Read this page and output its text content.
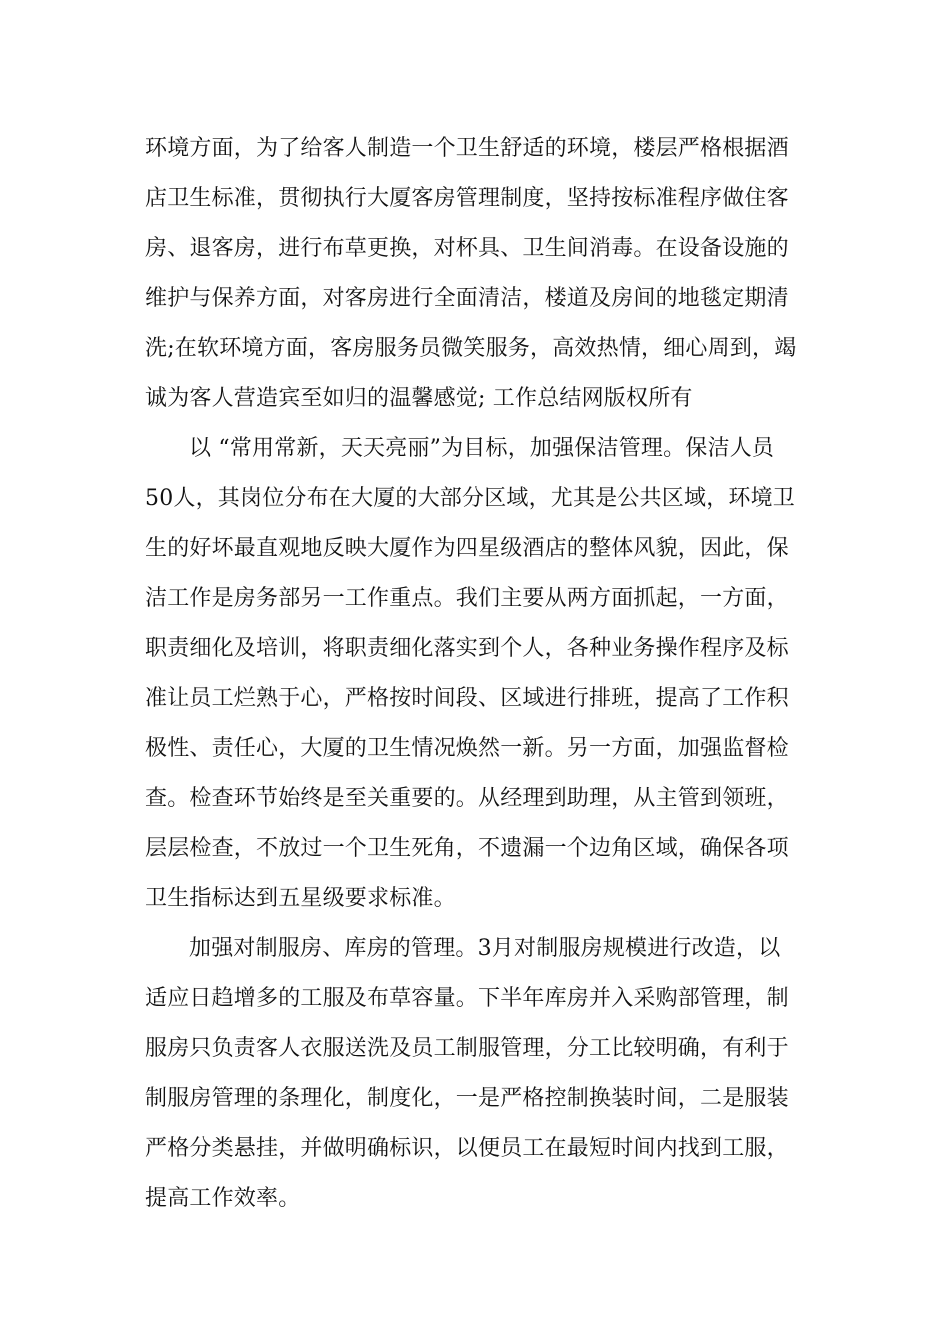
环境方面，为了给客人制造一个卫生舒适的环境，楼层严格根据酒
店卫生标准，贯彻执行大厦客房管理制度，坚持按标准程序做住客
房、退客房，进行布草更换，对杯具、卫生间消毒。在设备设施的
维护与保养方面，对客房进行全面清洁，楼道及房间的地毯定期清
洗;在软环境方面，客房服务员微笑服务，高效热情，细心周到，竭
诚为客人营造宾至如归的温馨感觉; 工作总结网版权所有
以 “常用常新，天天亮丽”为目标，加强保洁管理。保洁人员
50人，其岗位分布在大厦的大部分区域，尤其是公共区域，环境卫
生的好坏最直观地反映大厦作为四星级酒店的整体风貌，因此，保
洁工作是房务部另一工作重点。我们主要从两方面抓起，一方面，
职责细化及培训，将职责细化落实到个人，各种业务操作程序及标
准让员工烂熟于心，严格按时间段、区域进行排班，提高了工作积
极性、责任心，大厦的卫生情况焕然一新。另一方面，加强监督检
查。检查环节始终是至关重要的。从经理到助理，从主管到领班，
层层检查，不放过一个卫生死角，不遗漏一个边角区域，确保各项
卫生指标达到五星级要求标准。
加强对制服房、库房的管理。3月对制服房规模进行改造，以
适应日趋增多的工服及布草容量。下半年库房并入采购部管理，制
服房只负责客人衣服送洗及员工制服管理，分工比较明确，有利于
制服房管理的条理化，制度化，一是严格控制换装时间，二是服装
严格分类悬挂，并做明确标识，以便员工在最短时间内找到工服，
提高工作效率。
